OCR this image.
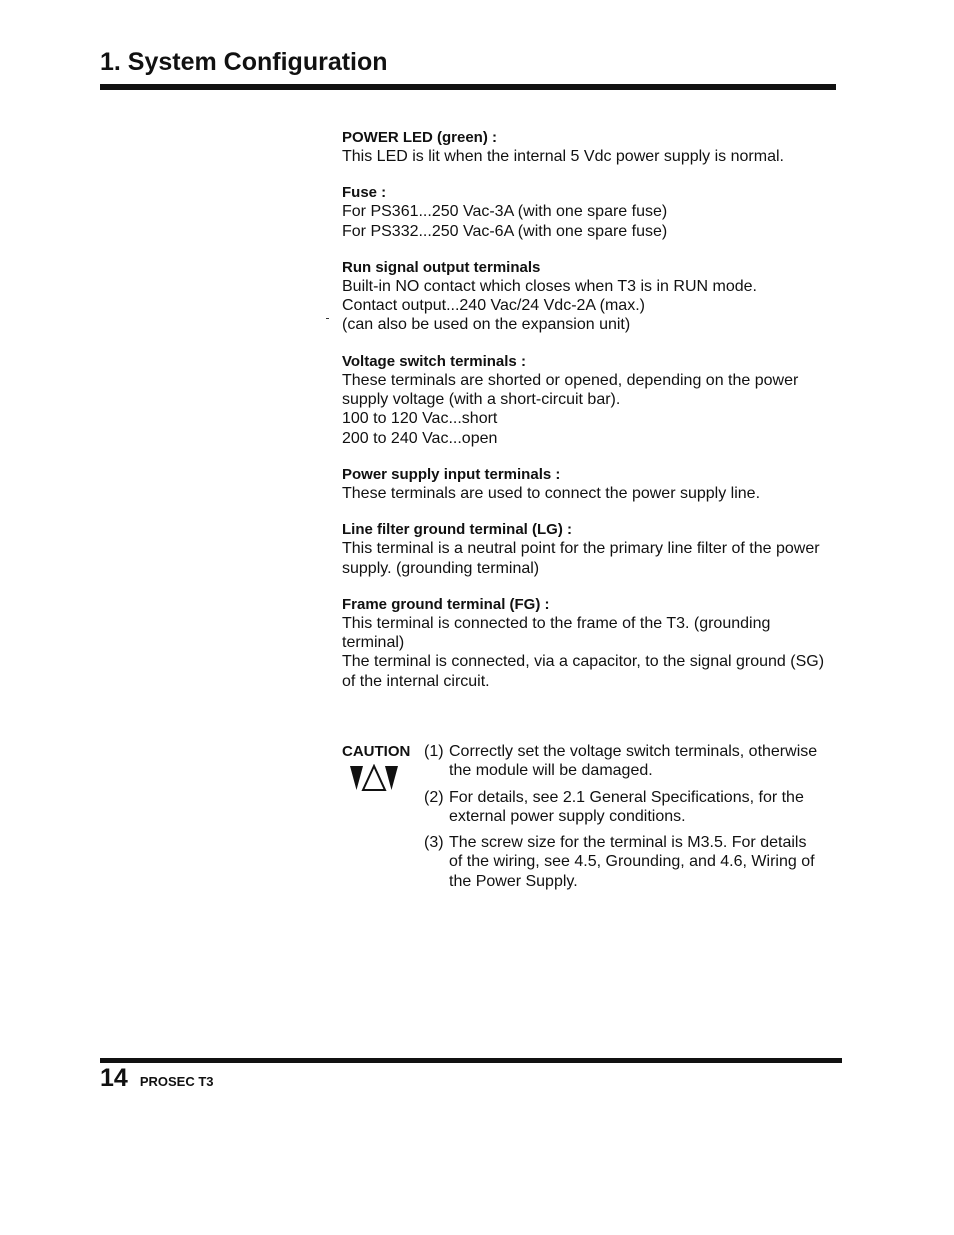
1. System Configuration
POWER LED (green) :
This LED is lit when the internal 5 Vdc power supply is normal.
Fuse :
For PS361...250 Vac-3A (with one spare fuse)
For PS332...250 Vac-6A (with one spare fuse)
Run signal output terminals
Built-in NO contact which closes when T3 is in RUN mode.
Contact output...240 Vac/24 Vdc-2A (max.)
(can also be used on the expansion unit)
Voltage switch terminals :
These terminals are shorted or opened, depending on the power
supply voltage (with a short-circuit bar).
100 to 120 Vac...short
200 to 240 Vac...open
Power supply input terminals :
These terminals are used to connect the power supply line.
Line filter ground terminal (LG) :
This terminal is a neutral point for the primary line filter of the power
supply. (grounding terminal)
Frame ground terminal (FG) :
This terminal is connected to the frame of the T3. (grounding
terminal)
The terminal is connected, via a capacitor, to the signal ground (SG)
of the internal circuit.
CAUTION (1) Correctly set the voltage switch terminals, otherwise
the module will be damaged.
(2) For details, see 2.1 General Specifications, for the
external power supply conditions.
(3) The screw size for the terminal is M3.5. For details
of the wiring, see 4.5, Grounding, and 4.6, Wiring of
the Power Supply.
14 PROSEC T3
